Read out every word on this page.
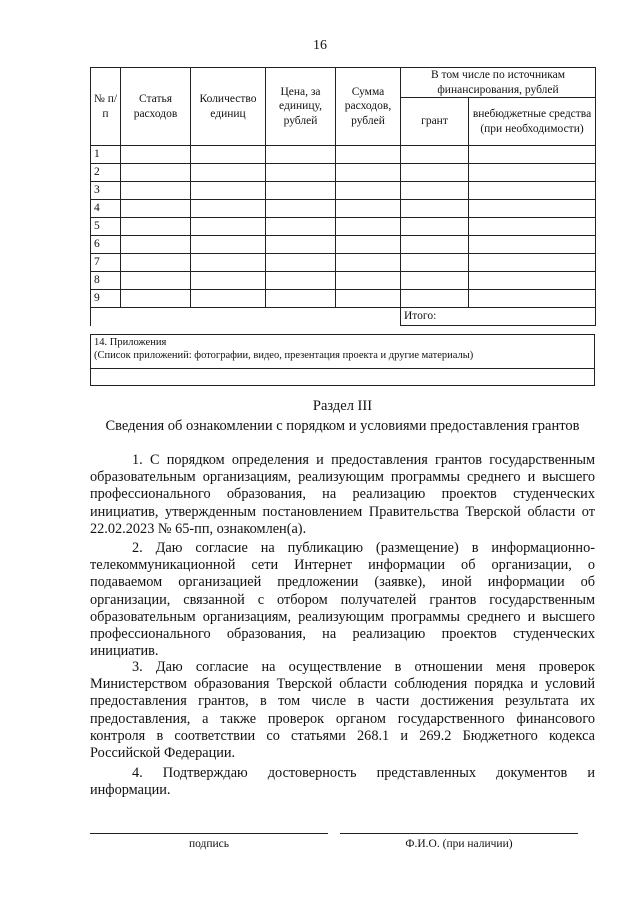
16
№ п/п	Статья расходов	Количество единиц	Цена, за единицу, рублей	Сумма расходов, рублей	В том числе по источникам финансирования, рублей	
					грант	внебюджетные средства (при необходимости)
1						
2						
3						
4						
5						
6						
7						
8						
9						
					Итого:	
14. Приложения
(Список приложений: фотографии, видео, презентация проекта и другие материалы)

Раздел III
Сведения об ознакомлении с порядком и условиями предоставления грантов
1. С порядком определения и предоставления грантов государственным образовательным организациям, реализующим программы среднего и высшего профессионального образования, на реализацию проектов студенческих инициатив, утвержденным постановлением Правительства Тверской области от 22.02.2023 № 65-пп, ознакомлен(а).
2. Даю согласие на публикацию (размещение) в информационно-телекоммуникационной сети Интернет информации об организации, о подаваемом организацией предложении (заявке), иной информации об организации, связанной с отбором получателей грантов государственным образовательным организациям, реализующим программы среднего и высшего профессионального образования, на реализацию проектов студенческих инициатив.
3. Даю согласие на осуществление в отношении меня проверок Министерством образования Тверской области соблюдения порядка и условий предоставления грантов, в том числе в части достижения результата их предоставления, а также проверок органом государственного финансового контроля в соответствии со статьями 268.1 и 269.2 Бюджетного кодекса Российской Федерации.
4. Подтверждаю достоверность представленных документов и информации.
подпись	Ф.И.О. (при наличии)
